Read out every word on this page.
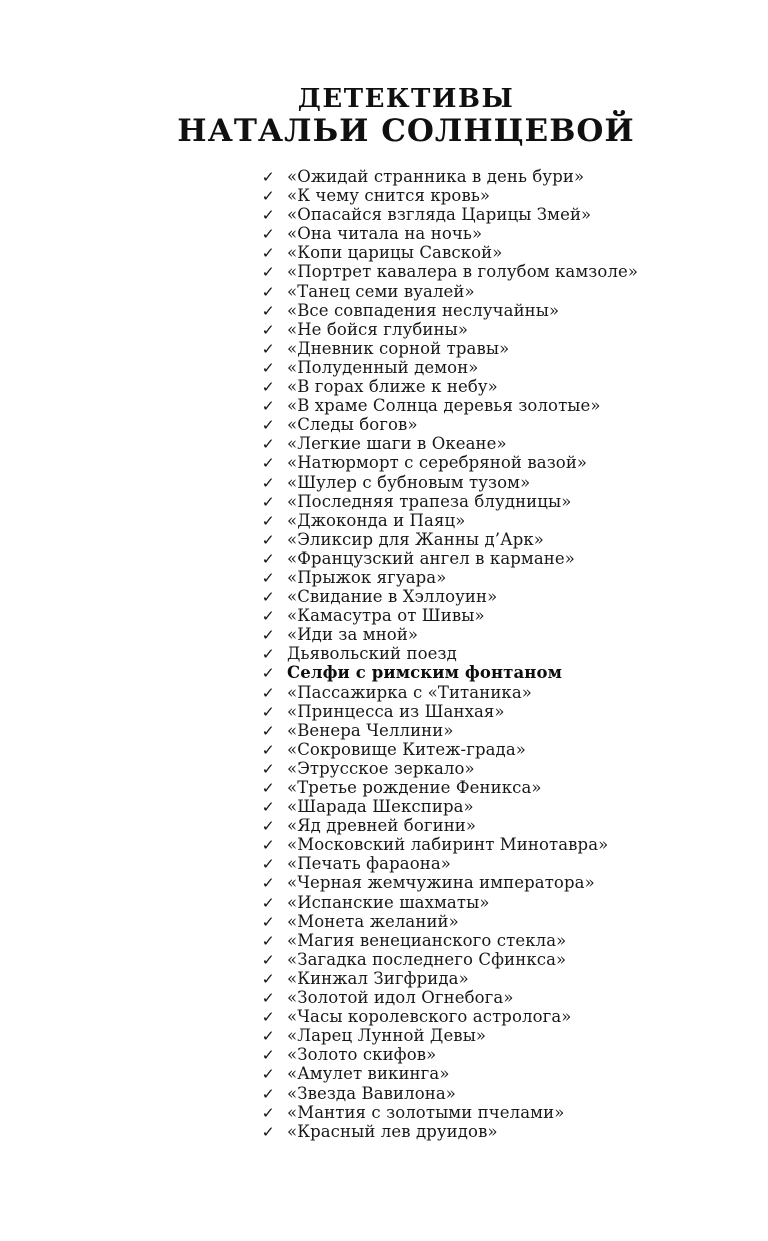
ДЕТЕКТИВЫ
НАТАЛЬИ СОЛНЦЕВОЙ
✓ «Ожидай странника в день бури»
✓ «К чему снится кровь»
✓ «Опасайся взгляда Царицы Змей»
✓ «Она читала на ночь»
✓ «Копи царицы Савской»
✓ «Портрет кавалера в голубом камзоле»
✓ «Танец семи вуалей»
✓ «Все совпадения неслучайны»
✓ «Не бойся глубины»
✓ «Дневник сорной травы»
✓ «Полуденный демон»
✓ «В горах ближе к небу»
✓ «В храме Солнца деревья золотые»
✓ «Следы богов»
✓ «Легкие шаги в Океане»
✓ «Натюрморт с серебряной вазой»
✓ «Шулер с бубновым тузом»
✓ «Последняя трапеза блудницы»
✓ «Джоконда и Паяц»
✓ «Эликсир для Жанны д’Арк»
✓ «Французский ангел в кармане»
✓ «Прыжок ягуара»
✓ «Свидание в Хэллоуин»
✓ «Камасутра от Шивы»
✓ «Иди за мной»
✓ Дьявольский поезд
✓ Селфи с римским фонтаном
✓ «Пассажирка с «Титаника»
✓ «Принцесса из Шанхая»
✓ «Венера Челлини»
✓ «Сокровище Китеж-града»
✓ «Этрусское зеркало»
✓ «Третье рождение Феникса»
✓ «Шарада Шекспира»
✓ «Яд древней богини»
✓ «Московский лабиринт Минотавра»
✓ «Печать фараона»
✓ «Черная жемчужина императора»
✓ «Испанские шахматы»
✓ «Монета желаний»
✓ «Магия венецианского стекла»
✓ «Загадка последнего Сфинкса»
✓ «Кинжал Зигфрида»
✓ «Золотой идол Огнебога»
✓ «Часы королевского астролога»
✓ «Ларец Лунной Девы»
✓ «Золото скифов»
✓ «Амулет викинга»
✓ «Звезда Вавилона»
✓ «Мантия с золотыми пчелами»
✓ «Красный лев друидов»
